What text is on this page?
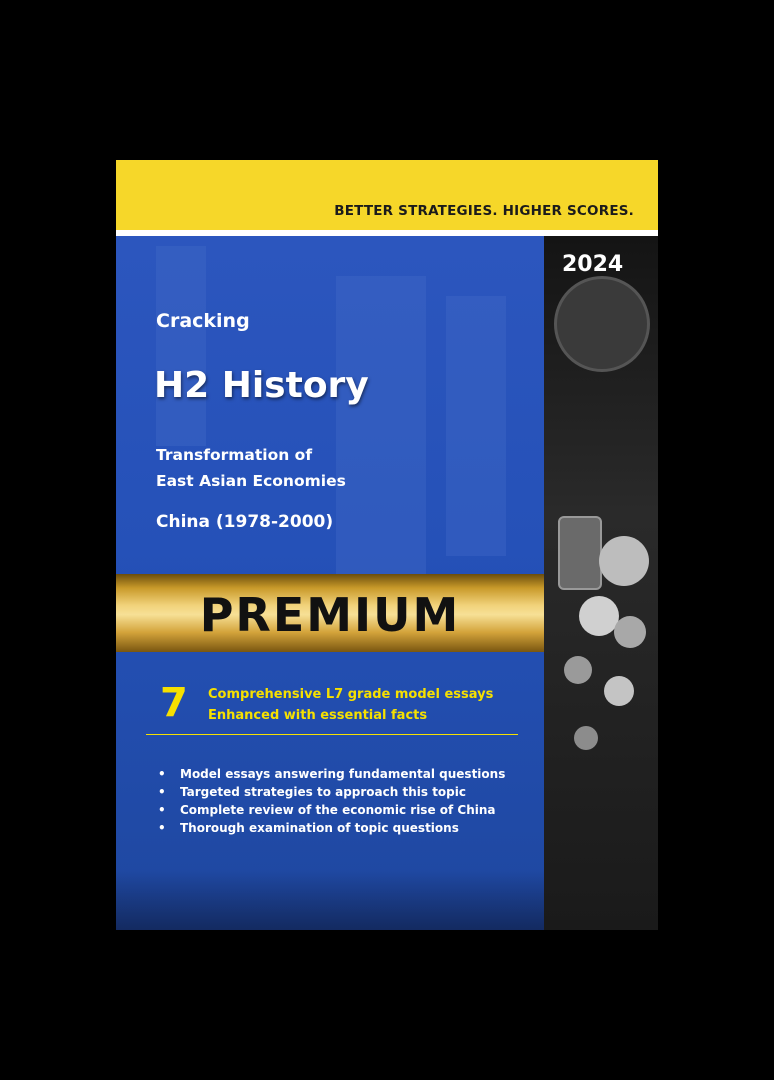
BETTER STRATEGIES. HIGHER SCORES.
2024
Cracking
H2 History
Transformation of
East Asian Economies
China (1978-2000)
PREMIUM
7 Comprehensive L7 grade model essays
Enhanced with essential facts
• Model essays answering fundamental questions
• Targeted strategies to approach this topic
• Complete review of the economic rise of China
• Thorough examination of topic questions
